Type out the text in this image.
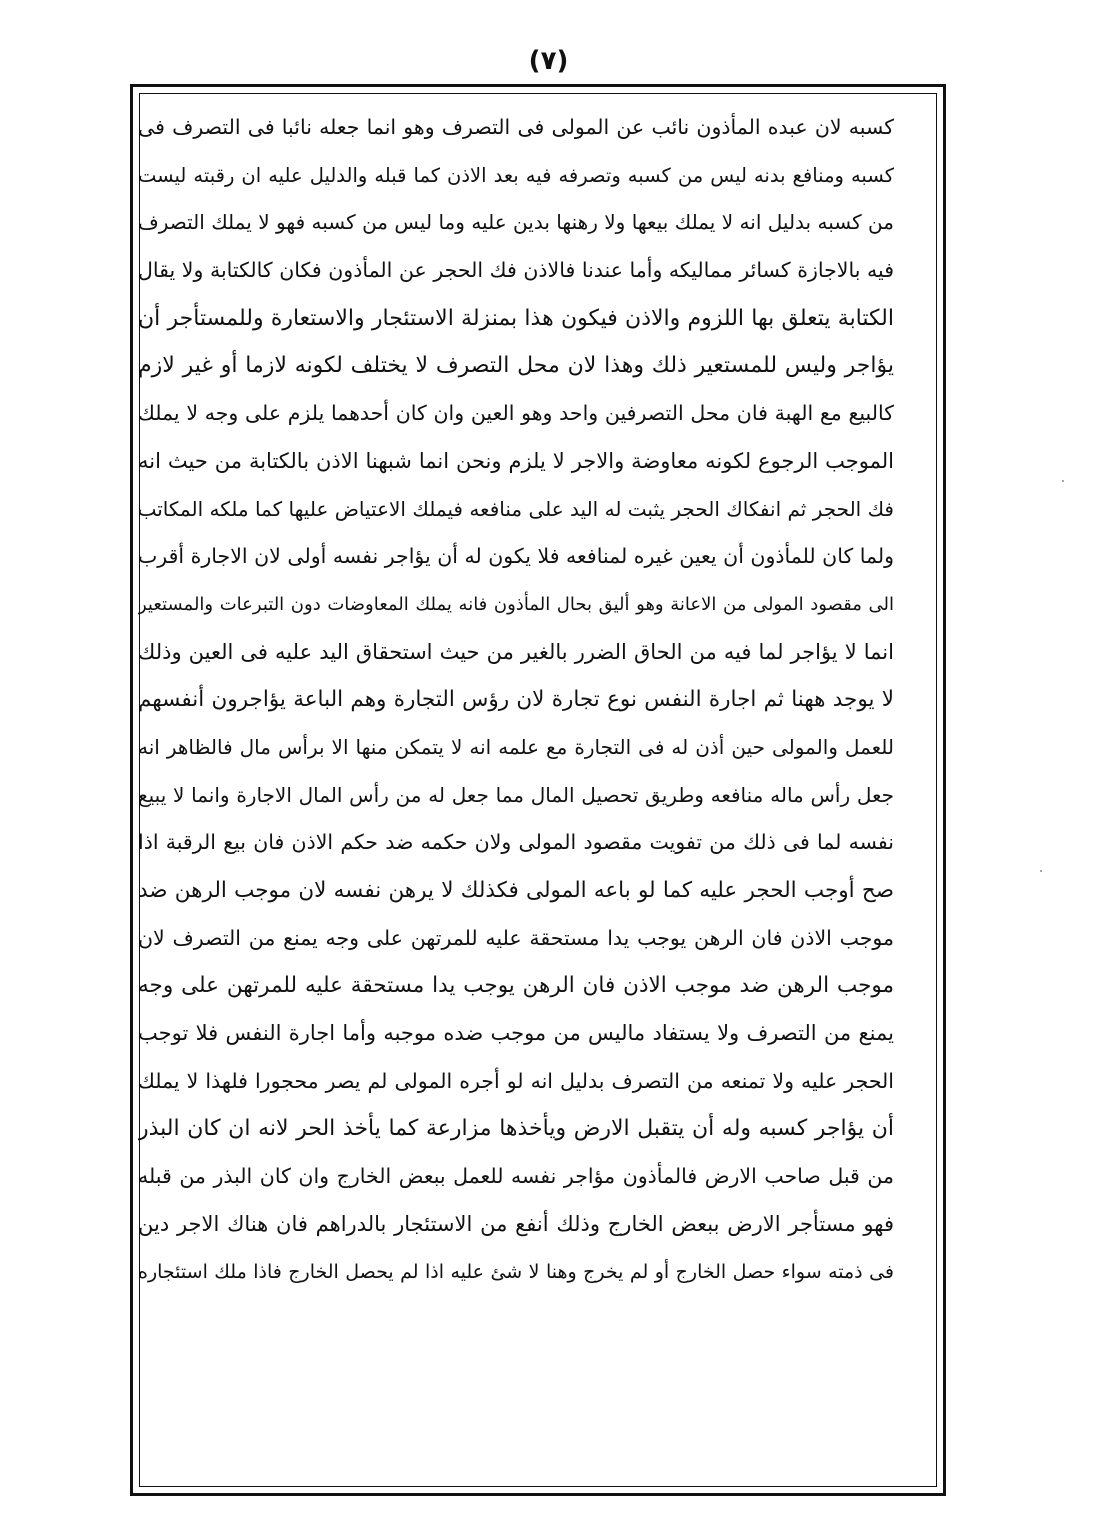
(٧)
كسبه لان عبده المأذون نائب عن المولى فى التصرف وهو انما جعله نائبا فى التصرف فى
كسبه ومنافع بدنه ليس من كسبه وتصرفه فيه بعد الاذن كما قبله والدليل عليه ان رقبته ليست
من كسبه بدليل انه لا يملك بيعها ولا رهنها بدين عليه وما ليس من كسبه فهو لا يملك التصرف
فيه بالاجازة كسائر مماليكه وأما عندنا فالاذن فك الحجر عن المأذون فكان كالكتابة ولا يقال
الكتابة يتعلق بها اللزوم والاذن فيكون هذا بمنزلة الاستئجار والاستعارة وللمستأجر أن
يؤاجر وليس للمستعير ذلك وهذا لان محل التصرف لا يختلف لكونه لازما أو غير لازم
كالبيع مع الهبة فان محل التصرفين واحد وهو العين وان كان أحدهما يلزم على وجه لا يملك
الموجب الرجوع لكونه معاوضة والاجر لا يلزم ونحن انما شبهنا الاذن بالكتابة من حيث انه
فك الحجر ثم انفكاك الحجر يثبت له اليد على منافعه فيملك الاعتياض عليها كما ملكه المكاتب
ولما كان للمأذون أن يعين غيره لمنافعه فلا يكون له أن يؤاجر نفسه أولى لان الاجارة أقرب
الى مقصود المولى من الاعانة وهو أليق بحال المأذون فانه يملك المعاوضات دون التبرعات والمستعير
انما لا يؤاجر لما فيه من الحاق الضرر بالغير من حيث استحقاق اليد عليه فى العين وذلك
لا يوجد ههنا ثم اجارة النفس نوع تجارة لان رؤس التجارة وهم الباعة يؤاجرون أنفسهم
للعمل والمولى حين أذن له فى التجارة مع علمه انه لا يتمكن منها الا برأس مال فالظاهر انه
جعل رأس ماله منافعه وطريق تحصيل المال مما جعل له من رأس المال الاجارة وانما لا يبيع
نفسه لما فى ذلك من تفويت مقصود المولى ولان حكمه ضد حكم الاذن فان بيع الرقبة اذا
صح أوجب الحجر عليه كما لو باعه المولى فكذلك لا يرهن نفسه لان موجب الرهن ضد
موجب الاذن فان الرهن يوجب يدا مستحقة عليه للمرتهن على وجه يمنع من التصرف لان
موجب الرهن ضد موجب الاذن فان الرهن يوجب يدا مستحقة عليه للمرتهن على وجه
يمنع من التصرف ولا يستفاد ماليس من موجب ضده موجبه وأما اجارة النفس فلا توجب
الحجر عليه ولا تمنعه من التصرف بدليل انه لو أجره المولى لم يصر محجورا فلهذا لا يملك
أن يؤاجر كسبه وله أن يتقبل الارض ويأخذها مزارعة كما يأخذ الحر لانه ان كان البذر
من قبل صاحب الارض فالمأذون مؤاجر نفسه للعمل ببعض الخارج وان كان البذر من قبله
فهو مستأجر الارض ببعض الخارج وذلك أنفع من الاستئجار بالدراهم فان هناك الاجر دين
فى ذمته سواء حصل الخارج أو لم يخرج وهنا لا شئ عليه اذا لم يحصل الخارج فاذا ملك استئجاره
